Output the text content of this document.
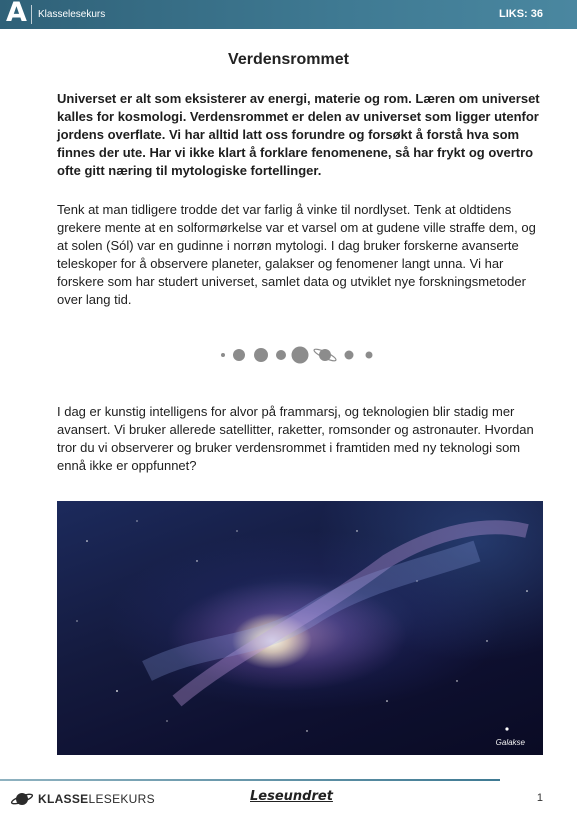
A Klasselesekurs	LIKS: 36
Verdensrommet
Universet er alt som eksisterer av energi, materie og rom. Læren om universet kalles for kosmologi. Verdensrommet er delen av universet som ligger utenfor jordens overflate. Vi har alltid latt oss forundre og forsøkt å forstå hva som finnes der ute. Har vi ikke klart å forklare fenomenene, så har frykt og overtro ofte gitt næring til mytologiske fortellinger.
Tenk at man tidligere trodde det var farlig å vinke til nordlyset. Tenk at oldtidens grekere mente at en solformørkelse var et varsel om at gudene ville straffe dem, og at solen (Sól) var en gudinne i norrøn mytologi. I dag bruker forskerne avanserte teleskoper for å observere planeter, galakser og fenomener langt unna. Vi har forskere som har studert universet, samlet data og utviklet nye forskningsmetoder over lang tid.
I dag er kunstig intelligens for alvor på frammarsj, og teknologien blir stadig mer avansert. Vi bruker allerede satellitter, raketter, romsonder og astronauter. Hvordan tror du vi observerer og bruker verdensrommet i framtiden med ny teknologi som ennå ikke er oppfunnet?
Galakse
KLASSELESEKURS	Leseundret	1
